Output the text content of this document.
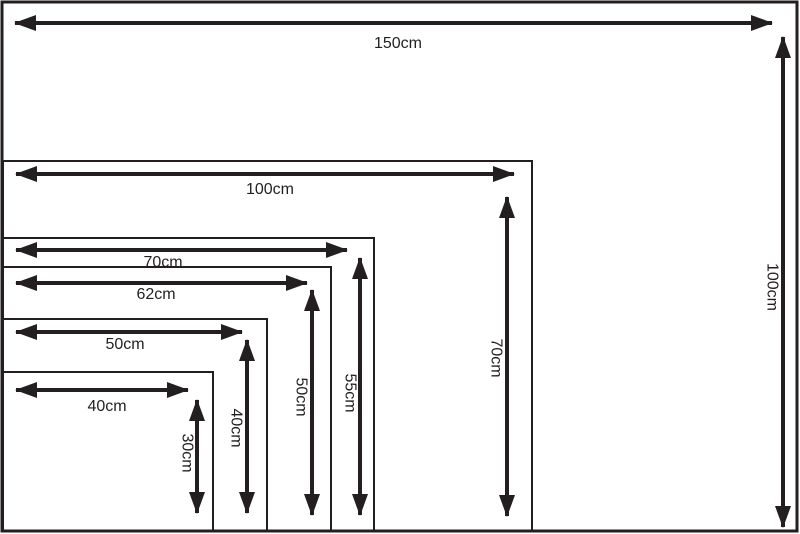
150cm
100cm
70cm
62cm
50cm
40cm
100cm
70cm
55cm
50cm
40cm
30cm
